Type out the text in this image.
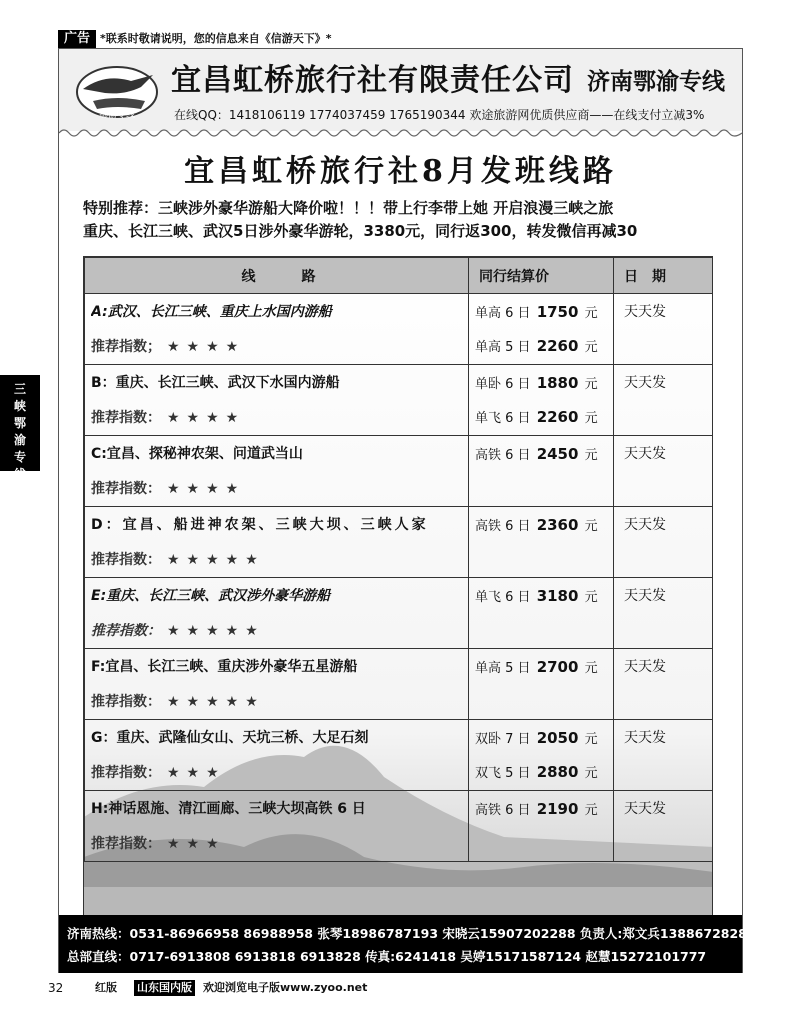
广告 *联系时敬请说明，您的信息来自《信游天下》*
三
峡
鄂
渝
专
线
鄂渝专线
宜昌虹桥旅行社有限责任公司 济南鄂渝专线
在线QQ：1418106119 1774037459 1765190344 欢途旅游网优质供应商——在线支付立减3%
宜昌虹桥旅行社8月发班线路
特别推荐：三峡涉外豪华游船大降价啦！！！带上行李带上她 开启浪漫三峡之旅
重庆、长江三峡、武汉5日涉外豪华游轮，3380元，同行返300，转发微信再减30
线　　路	同行结算价	日　期

A:武汉、长江三峡、重庆上水国内游船
推荐指数； ★★★★	单高 6 日 1750 元
单高 5 日 2260 元	天天发

B：重庆、长江三峡、武汉下水国内游船
推荐指数： ★★★★	单卧 6 日 1880 元
单飞 6 日 2260 元	天天发

C:宜昌、探秘神农架、问道武当山
推荐指数： ★★★★	高铁 6 日 2450 元	天天发

D：宜昌、船进神农架、三峡大坝、三峡人家
推荐指数： ★★★★★	高铁 6 日 2360 元	天天发

E:重庆、长江三峡、武汉涉外豪华游船
推荐指数： ★★★★★	单飞 6 日 3180 元	天天发

F:宜昌、长江三峡、重庆涉外豪华五星游船
推荐指数： ★★★★★	单高 5 日 2700 元	天天发

G：重庆、武隆仙女山、天坑三桥、大足石刻
推荐指数： ★★★	双卧 7 日 2050 元
双飞 5 日 2880 元	天天发

H:神话恩施、清江画廊、三峡大坝高铁 6 日
推荐指数： ★★★	高铁 6 日 2190 元	天天发
济南热线：0531-86966958 86988958 张琴18986787193 宋晓云15907202288 负责人:郑文兵13886728289
总部直线：0717-6913808 6913818 6913828 传真:6241418 吴婷15171587124 赵慧15272101777
32	红版 山东国内版 欢迎浏览电子版www.zyoo.net
